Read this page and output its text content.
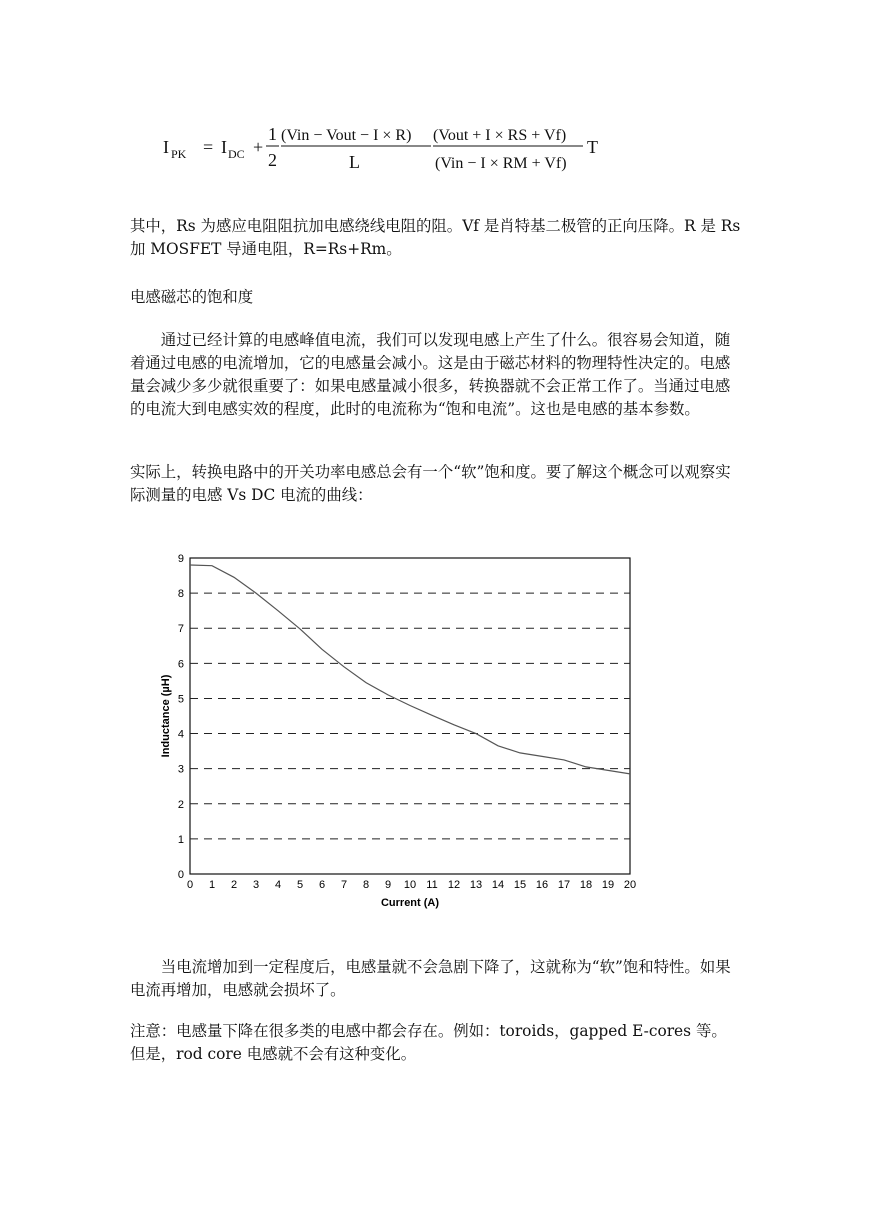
I PK = I DC +
1
2
(Vin − Vout − I × R)
L
(Vout + I × RS + Vf)
(Vin − I × RM + Vf)
T

其中，Rs 为感应电阻阻抗加电感绕线电阻的阻。Vf 是肖特基二极管的正向压降。R 是 Rs 加 MOSFET 导通电阻，R=Rs+Rm。

电感磁芯的饱和度

通过已经计算的电感峰值电流，我们可以发现电感上产生了什么。很容易会知道，随着通过电感的电流增加，它的电感量会减小。这是由于磁芯材料的物理特性决定的。电感量会减少多少就很重要了：如果电感量减小很多，转换器就不会正常工作了。当通过电感的电流大到电感实效的程度，此时的电流称为“饱和电流”。这也是电感的基本参数。

实际上，转换电路中的开关功率电感总会有一个“软”饱和度。要了解这个概念可以观察实际测量的电感 Vs DC 电流的曲线：

0
1
2
3
4
5
6
7
8
9
0 1 2 3 4 5 6 7 8 9 10 11 12 13 14 15 16 17 18 19 20
Current (A)
Inductance (µH)

当电流增加到一定程度后，电感量就不会急剧下降了，这就称为“软”饱和特性。如果电流再增加，电感就会损坏了。

注意：电感量下降在很多类的电感中都会存在。例如：toroids，gapped E-cores 等。但是，rod core 电感就不会有这种变化。
